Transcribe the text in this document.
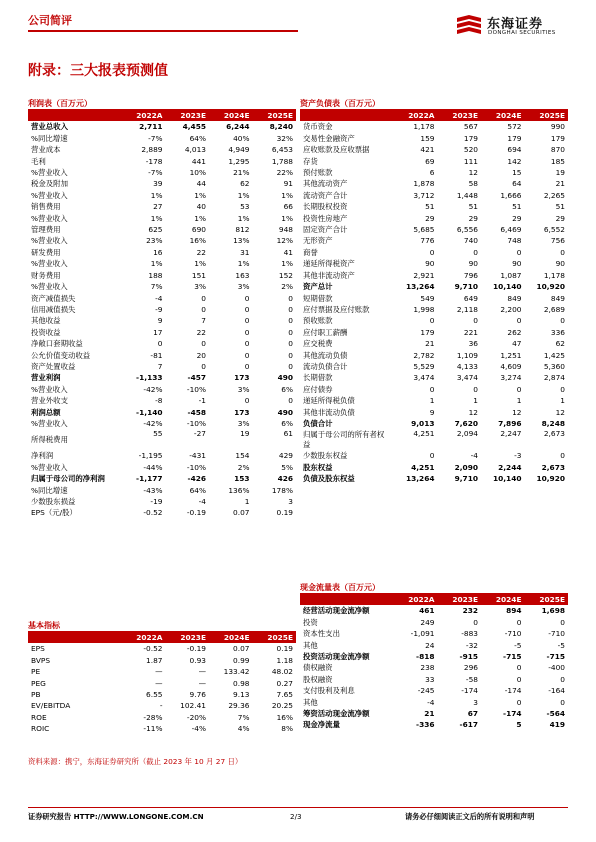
公司简评	东海证券
DONGHAI SECURITIES
附录：三大报表预测值
利润表（百万元）
	2022A	2023E	2024E	2025E
营业总收入	2,711	4,455	6,244	8,240
%同比增速	-7%	64%	40%	32%
营业成本	2,889	4,013	4,949	6,453
毛利	-178	441	1,295	1,788
%营业收入	-7%	10%	21%	22%
税金及附加	39	44	62	91
%营业收入	1%	1%	1%	1%
销售费用	27	40	53	66
%营业收入	1%	1%	1%	1%
管理费用	625	690	812	948
%营业收入	23%	16%	13%	12%
研发费用	16	22	31	41
%营业收入	1%	1%	1%	1%
财务费用	188	151	163	152
%营业收入	7%	3%	3%	2%
资产减值损失	-4	0	0	0
信用减值损失	-9	0	0	0
其他收益	9	7	0	0
投资收益	17	22	0	0
净敞口套期收益	0	0	0	0
公允价值变动收益	-81	20	0	0
资产处置收益	7	0	0	0
营业利润	-1,133	-457	173	490
%营业收入	-42%	-10%	3%	6%
营业外收支	-8	-1	0	0
利润总额	-1,140	-458	173	490
%营业收入	-42%	-10%	3%	6%
所得税费用	55	-27	19	61
净利润	-1,195	-431	154	429
%营业收入	-44%	-10%	2%	5%
归属于母公司的净利润	-1,177	-426	153	426
%同比增速	-43%	64%	136%	178%
少数股东损益	-19	-4	1	3
EPS（元/股）	-0.52	-0.19	0.07	0.19
基本指标
	2022A	2023E	2024E	2025E
EPS	-0.52	-0.19	0.07	0.19
BVPS	1.87	0.93	0.99	1.18
PE	—	—	133.42	48.02
PEG	—	—	0.98	0.27
PB	6.55	9.76	9.13	7.65
EV/EBITDA	-	102.41	29.36	20.25
ROE	-28%	-20%	7%	16%
ROIC	-11%	-4%	4%	8%
资产负债表（百万元）
	2022A	2023E	2024E	2025E
货币资金	1,178	567	572	990
交易性金融资产	159	179	179	179
应收账款及应收票据	421	520	694	870
存货	69	111	142	185
预付账款	6	12	15	19
其他流动资产	1,878	58	64	21
流动资产合计	3,712	1,448	1,666	2,265
长期股权投资	51	51	51	51
投资性房地产	29	29	29	29
固定资产合计	5,685	6,556	6,469	6,552
无形资产	776	740	748	756
商誉	0	0	0	0
递延所得税资产	90	90	90	90
其他非流动资产	2,921	796	1,087	1,178
资产总计	13,264	9,710	10,140	10,920
短期借款	549	649	849	849
应付票据及应付账款	1,998	2,118	2,200	2,689
预收账款	0	0	0	0
应付职工薪酬	179	221	262	336
应交税费	21	36	47	62
其他流动负债	2,782	1,109	1,251	1,425
流动负债合计	5,529	4,133	4,609	5,360
长期借款	3,474	3,474	3,274	2,874
应付债券	0	0	0	0
递延所得税负债	1	1	1	1
其他非流动负债	9	12	12	12
负债合计	9,013	7,620	7,896	8,248
归属于母公司的所有者权益	4,251	2,094	2,247	2,673
少数股东权益	0	-4	-3	0
股东权益	4,251	2,090	2,244	2,673
负债及股东权益	13,264	9,710	10,140	10,920
现金流量表（百万元）
	2022A	2023E	2024E	2025E
经营活动现金流净额	461	232	894	1,698
投资	249	0	0	0
资本性支出	-1,091	-883	-710	-710
其他	24	-32	-5	-5
投资活动现金流净额	-818	-915	-715	-715
债权融资	238	296	0	-400
股权融资	33	-58	0	0
支付股利及利息	-245	-174	-174	-164
其他	-4	3	0	0
筹资活动现金流净额	21	67	-174	-564
现金净流量	-336	-617	5	419
资料来源：携宁，东海证券研究所（截止 2023 年 10 月 27 日）
证券研究报告 HTTP://WWW.LONGONE.COM.CN	2/3	请务必仔细阅读正文后的所有说明和声明
